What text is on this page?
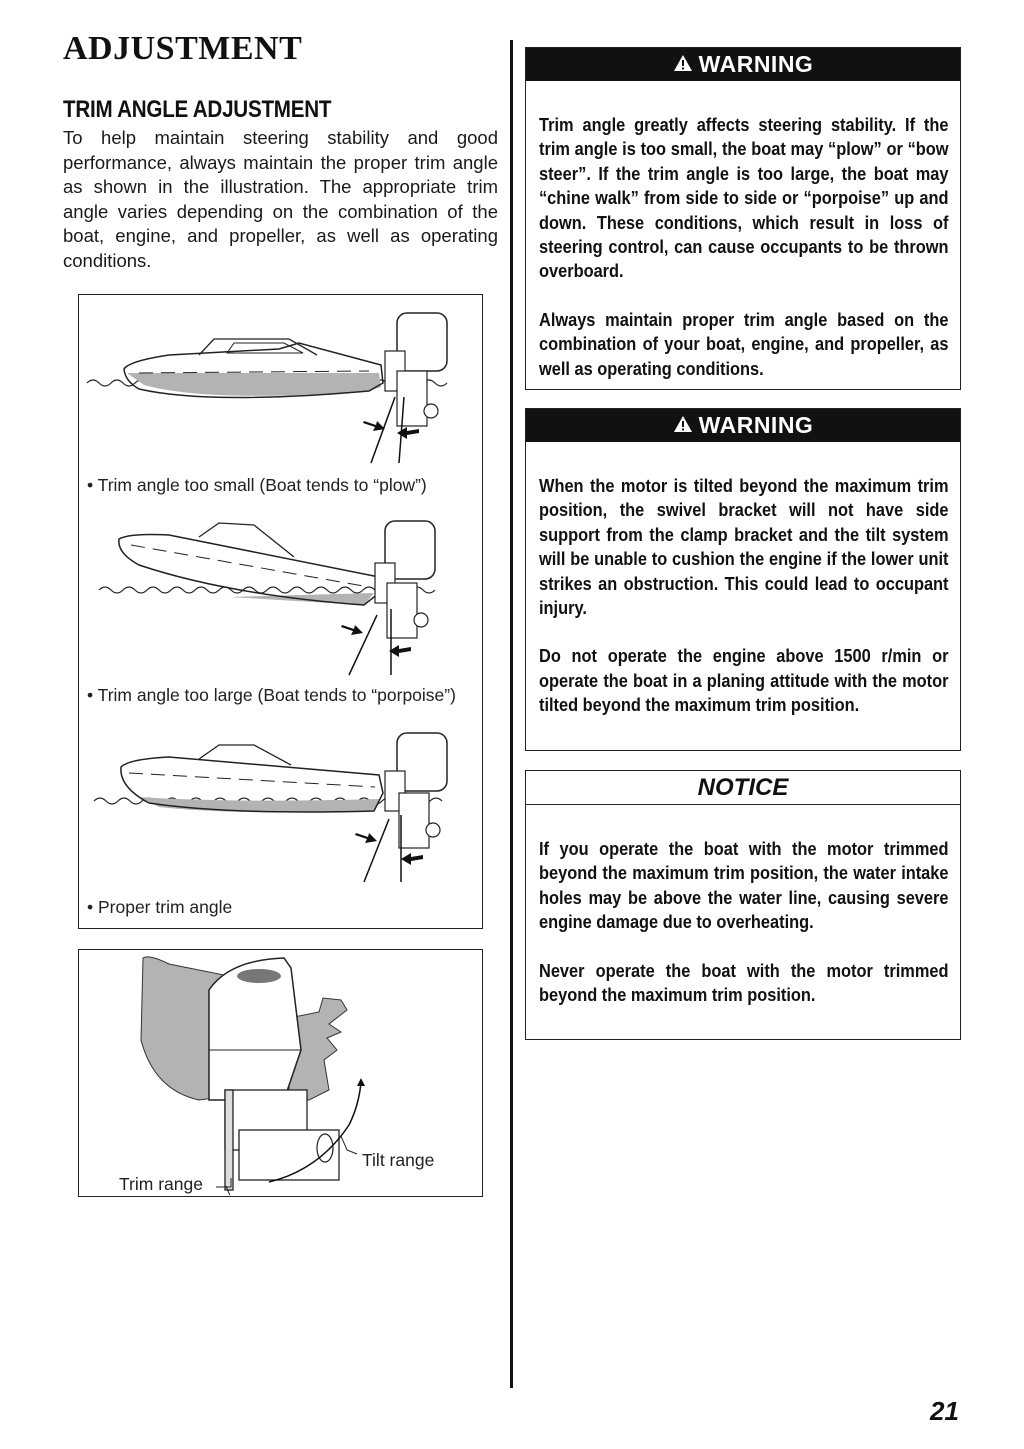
ADJUSTMENT
TRIM ANGLE ADJUSTMENT

To help maintain steering stability and good performance, always maintain the proper trim angle as shown in the illustration. The appropriate trim angle varies depending on the combination of the boat, engine, and propeller, as well as operating conditions.

• Trim angle too small (Boat tends to “plow”)
• Trim angle too large (Boat tends to “porpoise”)
• Proper trim angle
Tilt range
Trim range
WARNING

Trim angle greatly affects steering stability. If the trim angle is too small, the boat may “plow” or “bow steer”. If the trim angle is too large, the boat may “chine walk” from side to side or “porpoise” up and down. These conditions, which result in loss of steering control, can cause occupants to be thrown overboard.

Always maintain proper trim angle based on the combination of your boat, engine, and propeller, as well as operating conditions.

WARNING

When the motor is tilted beyond the maximum trim position, the swivel bracket will not have side support from the clamp bracket and the tilt system will be unable to cushion the engine if the lower unit strikes an obstruction. This could lead to occupant injury.

Do not operate the engine above 1500 r/min or operate the boat in a planing attitude with the motor tilted beyond the maximum trim position.

NOTICE

If you operate the boat with the motor trimmed beyond the maximum trim position, the water intake holes may be above the water line, causing severe engine damage due to overheating.

Never operate the boat with the motor trimmed beyond the maximum trim position.

21
